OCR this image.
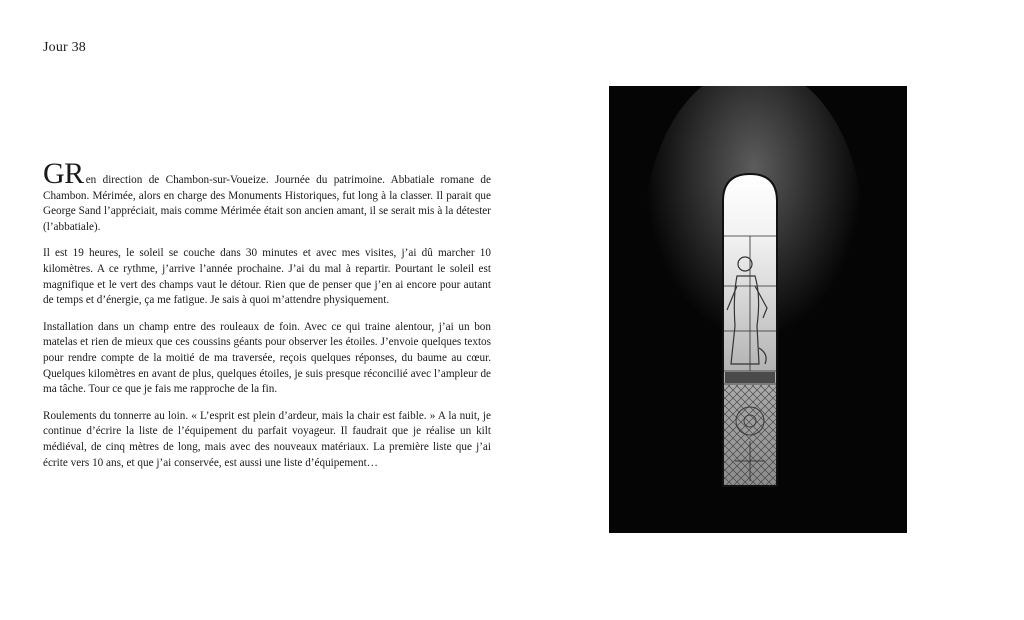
Jour 38

GR en direction de Chambon-sur-Voueize. Journée du patrimoine. Abbatiale romane de Chambon. Mérimée, alors en charge des Monuments Historiques, fut long à la classer. Il parait que George Sand l’appréciait, mais comme Mérimée était son ancien amant, il se serait mis à la détester (l’abbatiale).

Il est 19 heures, le soleil se couche dans 30 minutes et avec mes visites, j’ai dû marcher 10 kilomètres. A ce rythme, j’arrive l’année prochaine. J’ai du mal à repartir. Pourtant le soleil est magnifique et le vert des champs vaut le détour. Rien que de penser que j’en ai encore pour autant de temps et d’énergie, ça me fatigue. Je sais à quoi m’attendre physiquement.

Installation dans un champ entre des rouleaux de foin. Avec ce qui traine alentour, j’ai un bon matelas et rien de mieux que ces coussins géants pour observer les étoiles. J’envoie quelques textos pour rendre compte de la moitié de ma traversée, reçois quelques réponses, du baume au cœur. Quelques kilomètres en avant de plus, quelques étoiles, je suis presque réconcilié avec l’ampleur de ma tâche. Tour ce que je fais me rapproche de la fin.

Roulements du tonnerre au loin. « L’esprit est plein d’ardeur, mais la chair est faible. » A la nuit, je continue d’écrire la liste de l’équipement du parfait voyageur. Il faudrait que je réalise un kilt médiéval, de cinq mètres de long, mais avec des nouveaux matériaux. La première liste que j’ai écrite vers 10 ans, et que j’ai conservée, est aussi une liste d’équipement…
